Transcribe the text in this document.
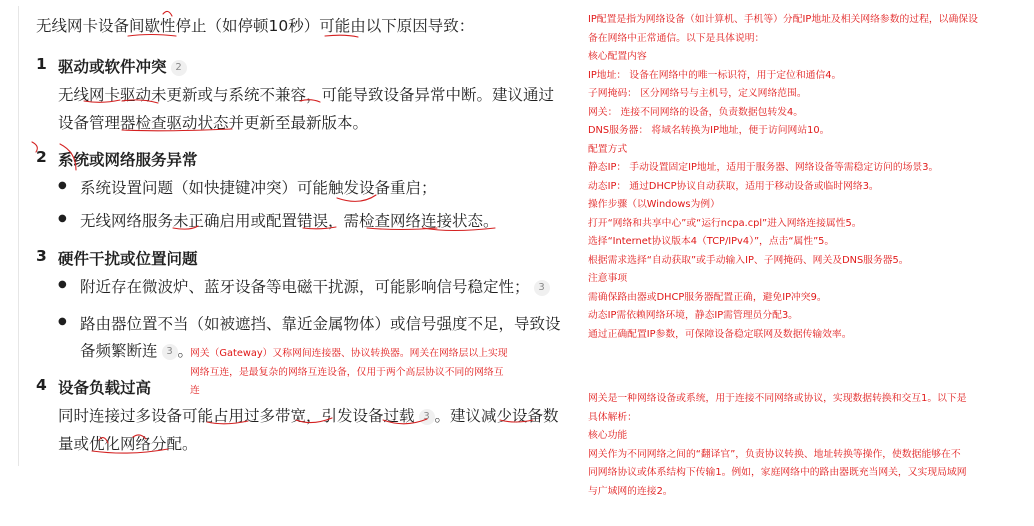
无线网卡设备间歇性停止（如停顿10秒）可能由以下原因导致：
1 驱动或软件冲突 2
无线网卡驱动未更新或与系统不兼容，可能导致设备异常中断。建议通过
设备管理器检查驱动状态并更新至最新版本。
2 系统或网络服务异常
● 系统设置问题（如快捷键冲突）可能触发设备重启；
● 无线网络服务未正确启用或配置错误，需检查网络连接状态。
3 硬件干扰或位置问题
● 附近存在微波炉、蓝牙设备等电磁干扰源，可能影响信号稳定性； 3
● 路由器位置不当（如被遮挡、靠近金属物体）或信号强度不足，导致设
备频繁断连 3 。
4 设备负载过高
同时连接过多设备可能占用过多带宽，引发设备过载 3 。建议减少设备数
量或优化网络分配。
网关（Gateway）又称网间连接器、协议转换器。网关在网络层以上实现
网络互连，是最复杂的网络互连设备，仅用于两个高层协议不同的网络互
连
IP配置是指为网络设备（如计算机、手机等）分配IP地址及相关网络参数的过程，以确保设
备在网络中正常通信。以下是具体说明：
核心配置内容
IP地址： 设备在网络中的唯一标识符，用于定位和通信4。
子网掩码： 区分网络号与主机号，定义网络范围。
网关： 连接不同网络的设备，负责数据包转发4。
DNS服务器： 将域名转换为IP地址，便于访问网站10。
配置方式
静态IP： 手动设置固定IP地址，适用于服务器、网络设备等需稳定访问的场景3。
动态IP： 通过DHCP协议自动获取，适用于移动设备或临时网络3。
操作步骤（以Windows为例）
打开“网络和共享中心”或“运行ncpa.cpl”进入网络连接属性5。
选择“Internet协议版本4（TCP/IPv4）”，点击“属性”5。
根据需求选择“自动获取”或手动输入IP、子网掩码、网关及DNS服务器5。
注意事项
需确保路由器或DHCP服务器配置正确，避免IP冲突9。
动态IP需依赖网络环境，静态IP需管理员分配3。
通过正确配置IP参数，可保障设备稳定联网及数据传输效率。
网关是一种网络设备或系统，用于连接不同网络或协议，实现数据转换和交互1。以下是
具体解析：
核心功能
网关作为不同网络之间的“翻译官”，负责协议转换、地址转换等操作，使数据能够在不
同网络协议或体系结构下传输1。例如，家庭网络中的路由器既充当网关，又实现局域网
与广域网的连接2。
